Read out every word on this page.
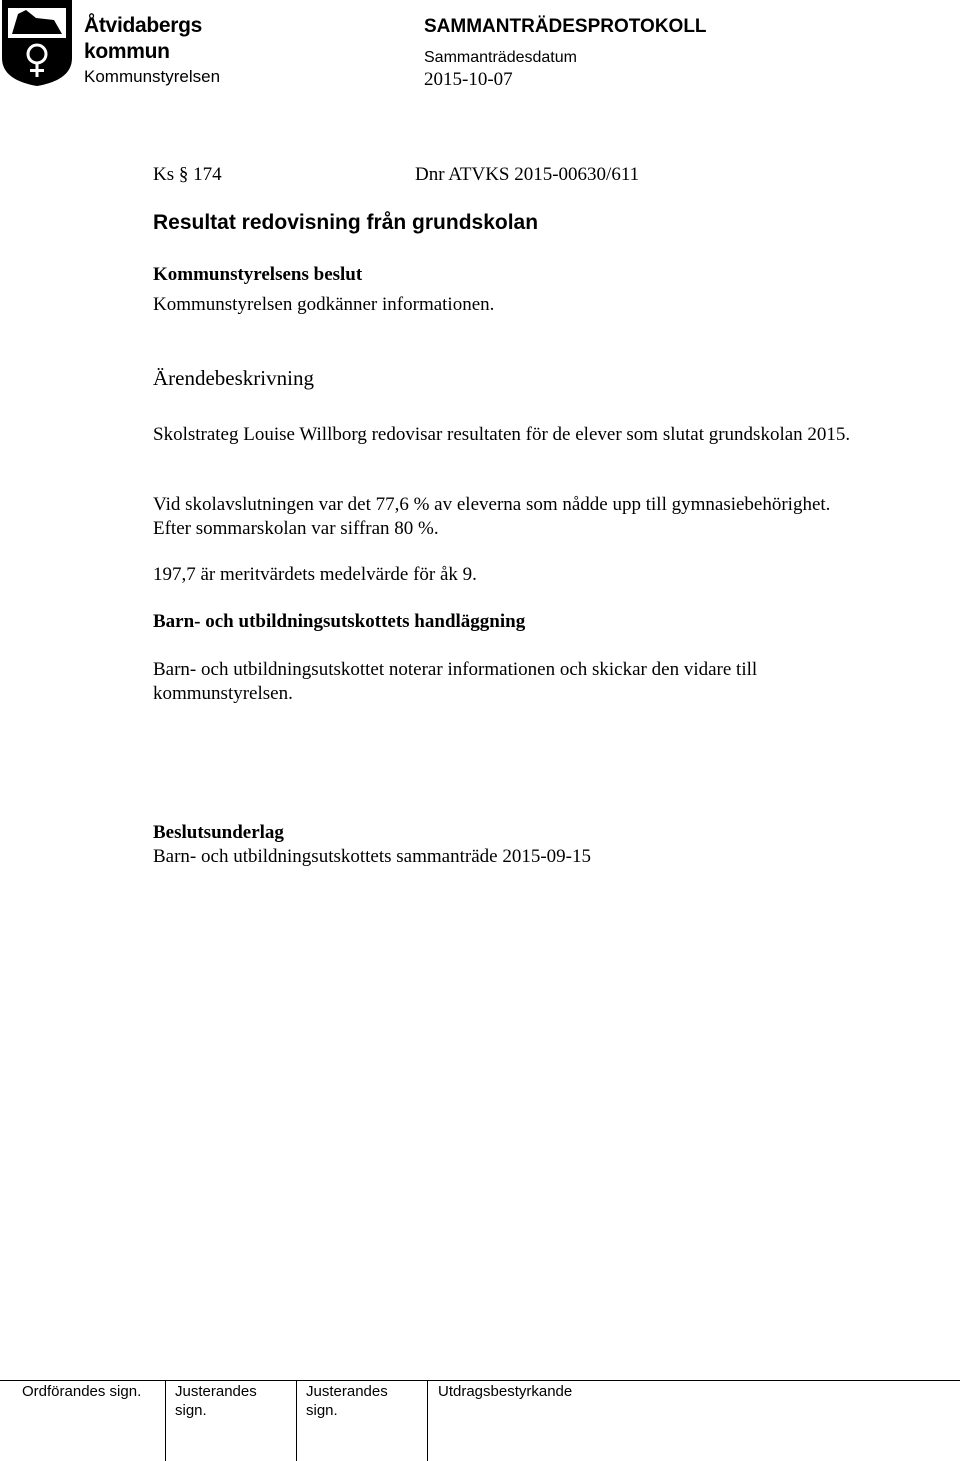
Åtvidabergs
kommun
Kommunstyrelsen
SAMMANTRÄDESPROTOKOLL
Sammanträdesdatum
2015-10-07
Ks § 174	Dnr ATVKS 2015-00630/611
Resultat redovisning från grundskolan
Kommunstyrelsens beslut
Kommunstyrelsen godkänner informationen.
Ärendebeskrivning
Skolstrateg Louise Willborg redovisar resultaten för de elever som slutat grundskolan 2015.
Vid skolavslutningen var det 77,6 % av eleverna som nådde upp till gymnasiebehörighet. Efter sommarskolan var siffran 80 %.
197,7 är meritvärdets medelvärde för åk 9.
Barn- och utbildningsutskottets handläggning
Barn- och utbildningsutskottet noterar informationen och skickar den vidare till kommunstyrelsen.
Beslutsunderlag
Barn- och utbildningsutskottets sammanträde 2015-09-15
Ordförandes sign. Justerandes
sign.
Justerandes
sign.
Utdragsbestyrkande
